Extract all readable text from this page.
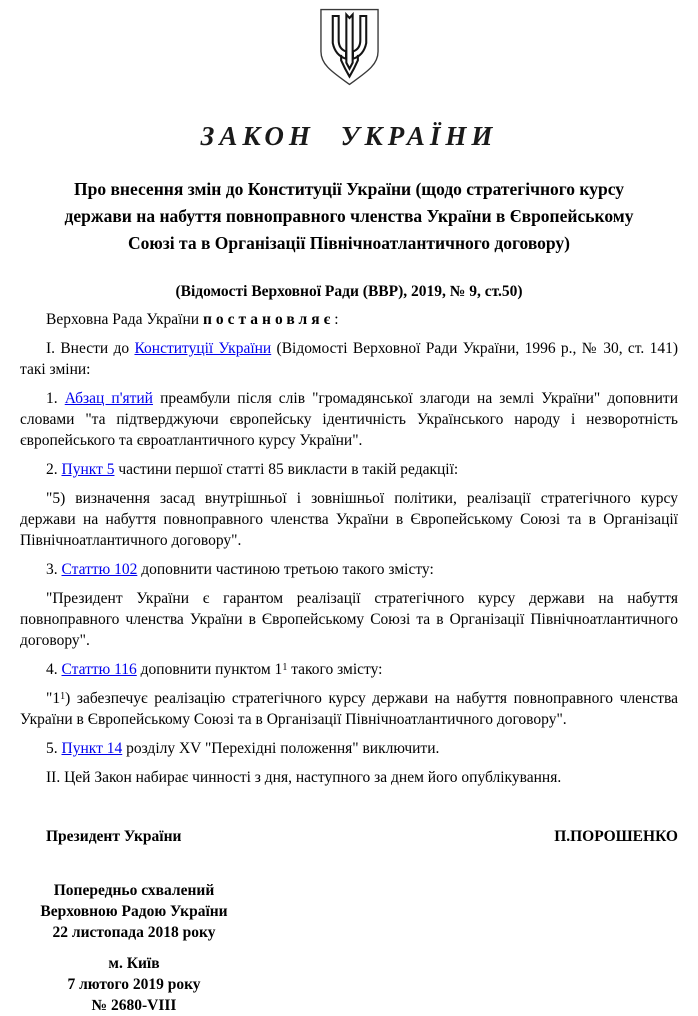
ЗАКОН УКРАЇНИ
Про внесення змін до Конституції України (щодо стратегічного курсу держави на набуття повноправного членства України в Європейському Союзі та в Організації Північноатлантичного договору)
(Відомості Верховної Ради (ВВР), 2019, № 9, ст.50)

Верховна Рада України постановляє:

I. Внести до Конституції України (Відомості Верховної Ради України, 1996 р., № 30, ст. 141) такі зміни:

1. Абзац п'ятий преамбули після слів "громадянської злагоди на землі України" доповнити словами "та підтверджуючи європейську ідентичність Українського народу і незворотність європейського та євроатлантичного курсу України".

2. Пункт 5 частини першої статті 85 викласти в такій редакції:

"5) визначення засад внутрішньої і зовнішньої політики, реалізації стратегічного курсу держави на набуття повноправного членства України в Європейському Союзі та в Організації Північноатлантичного договору".

3. Статтю 102 доповнити частиною третьою такого змісту:

"Президент України є гарантом реалізації стратегічного курсу держави на набуття повноправного членства України в Європейському Союзі та в Організації Північноатлантичного договору".

4. Статтю 116 доповнити пунктом $1^1$ такого змісту:

"$1^1$) забезпечує реалізацію стратегічного курсу держави на набуття повноправного членства України в Європейському Союзі та в Організації Північноатлантичного договору".

5. Пункт 14 розділу XV "Перехідні положення" виключити.

II. Цей Закон набирає чинності з дня, наступного за днем його опублікування.

Президент України	П.ПОРОШЕНКО
Попередньо схвалений
Верховною Радою України
22 листопада 2018 року
м. Київ
7 лютого 2019 року
№ 2680-VIII
